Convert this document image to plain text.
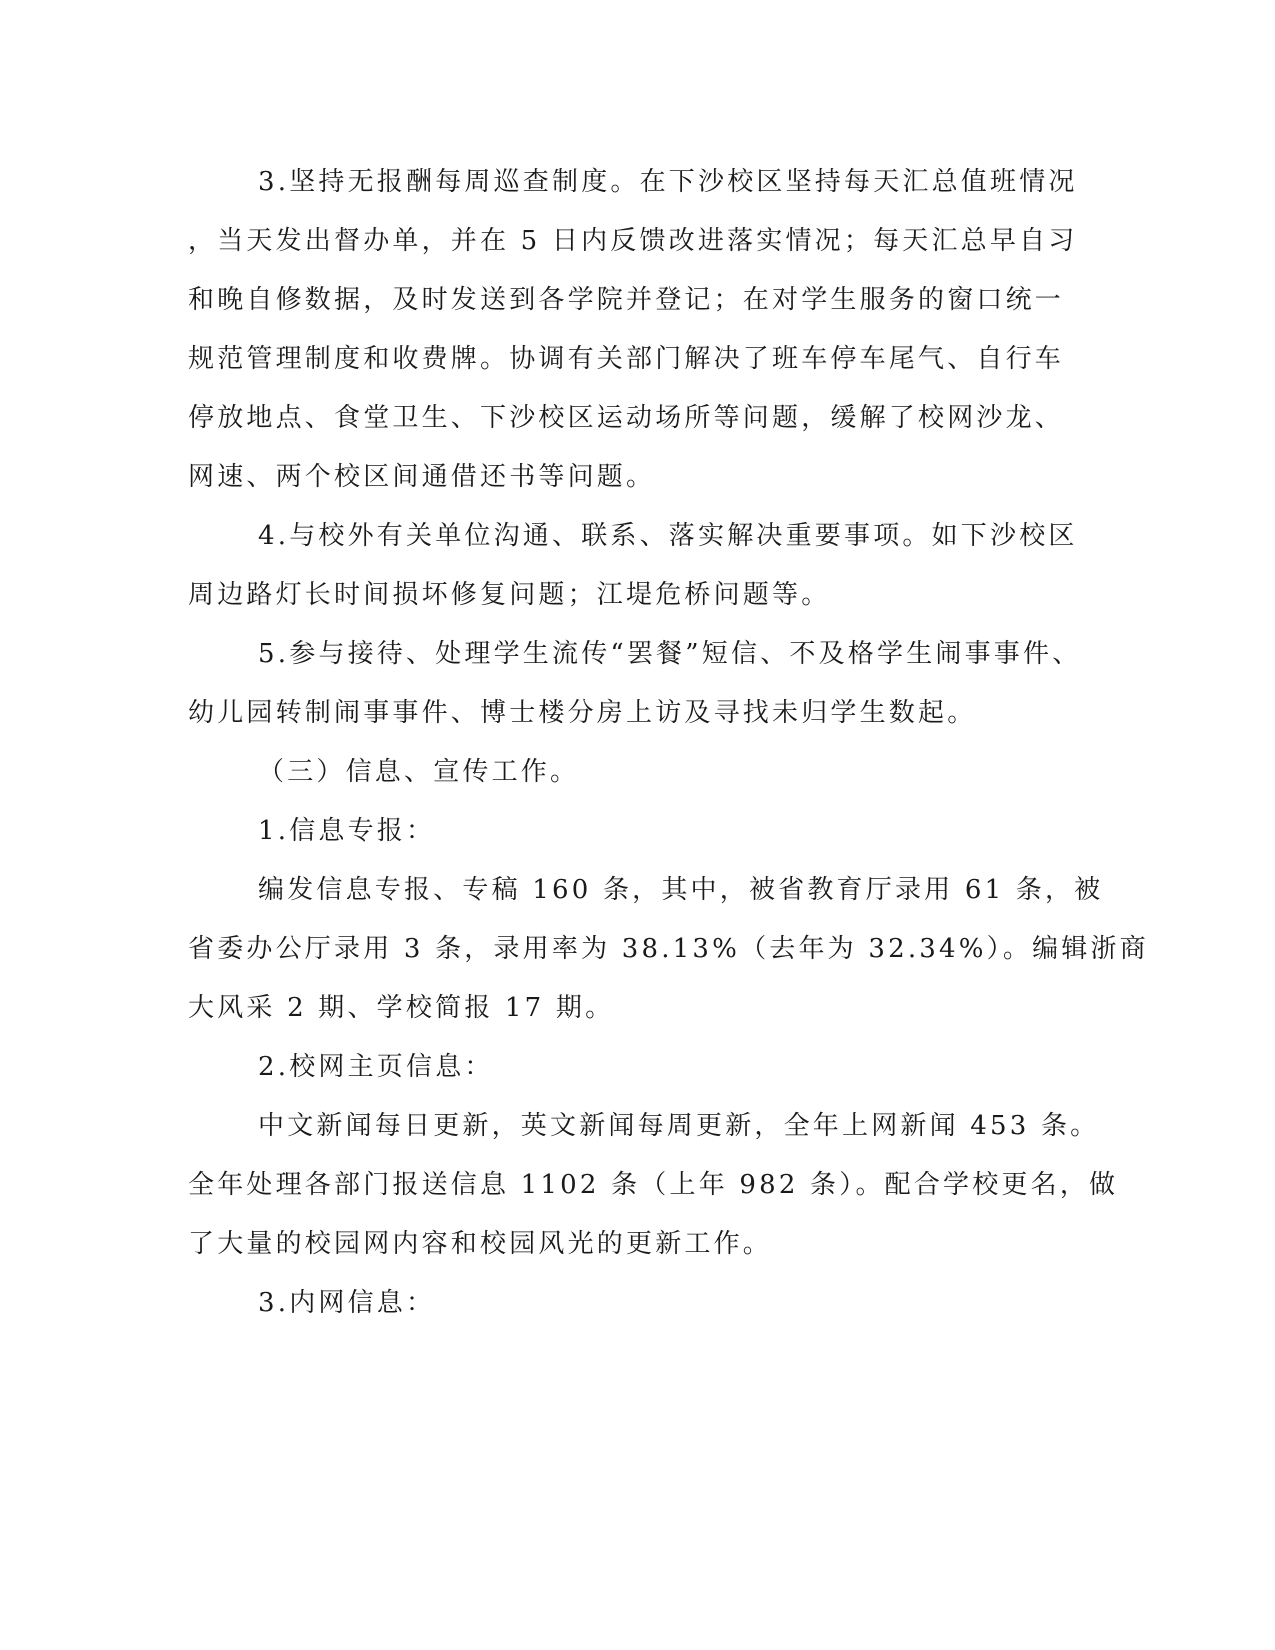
3.坚持无报酬每周巡查制度。在下沙校区坚持每天汇总值班情况
，当天发出督办单，并在 5 日内反馈改进落实情况；每天汇总早自习
和晚自修数据，及时发送到各学院并登记；在对学生服务的窗口统一
规范管理制度和收费牌。协调有关部门解决了班车停车尾气、自行车
停放地点、食堂卫生、下沙校区运动场所等问题，缓解了校网沙龙、
网速、两个校区间通借还书等问题。
4.与校外有关单位沟通、联系、落实解决重要事项。如下沙校区
周边路灯长时间损坏修复问题；江堤危桥问题等。
5.参与接待、处理学生流传“罢餐”短信、不及格学生闹事事件、
幼儿园转制闹事事件、博士楼分房上访及寻找未归学生数起。
（三）信息、宣传工作。
1.信息专报：
编发信息专报、专稿 160 条，其中，被省教育厅录用 61 条，被
省委办公厅录用 3 条，录用率为 38.13%（去年为 32.34%）。编辑浙商
大风采 2 期、学校简报 17 期。
2.校网主页信息：
中文新闻每日更新，英文新闻每周更新，全年上网新闻 453 条。
全年处理各部门报送信息 1102 条（上年 982 条）。配合学校更名，做
了大量的校园网内容和校园风光的更新工作。
3.内网信息：
